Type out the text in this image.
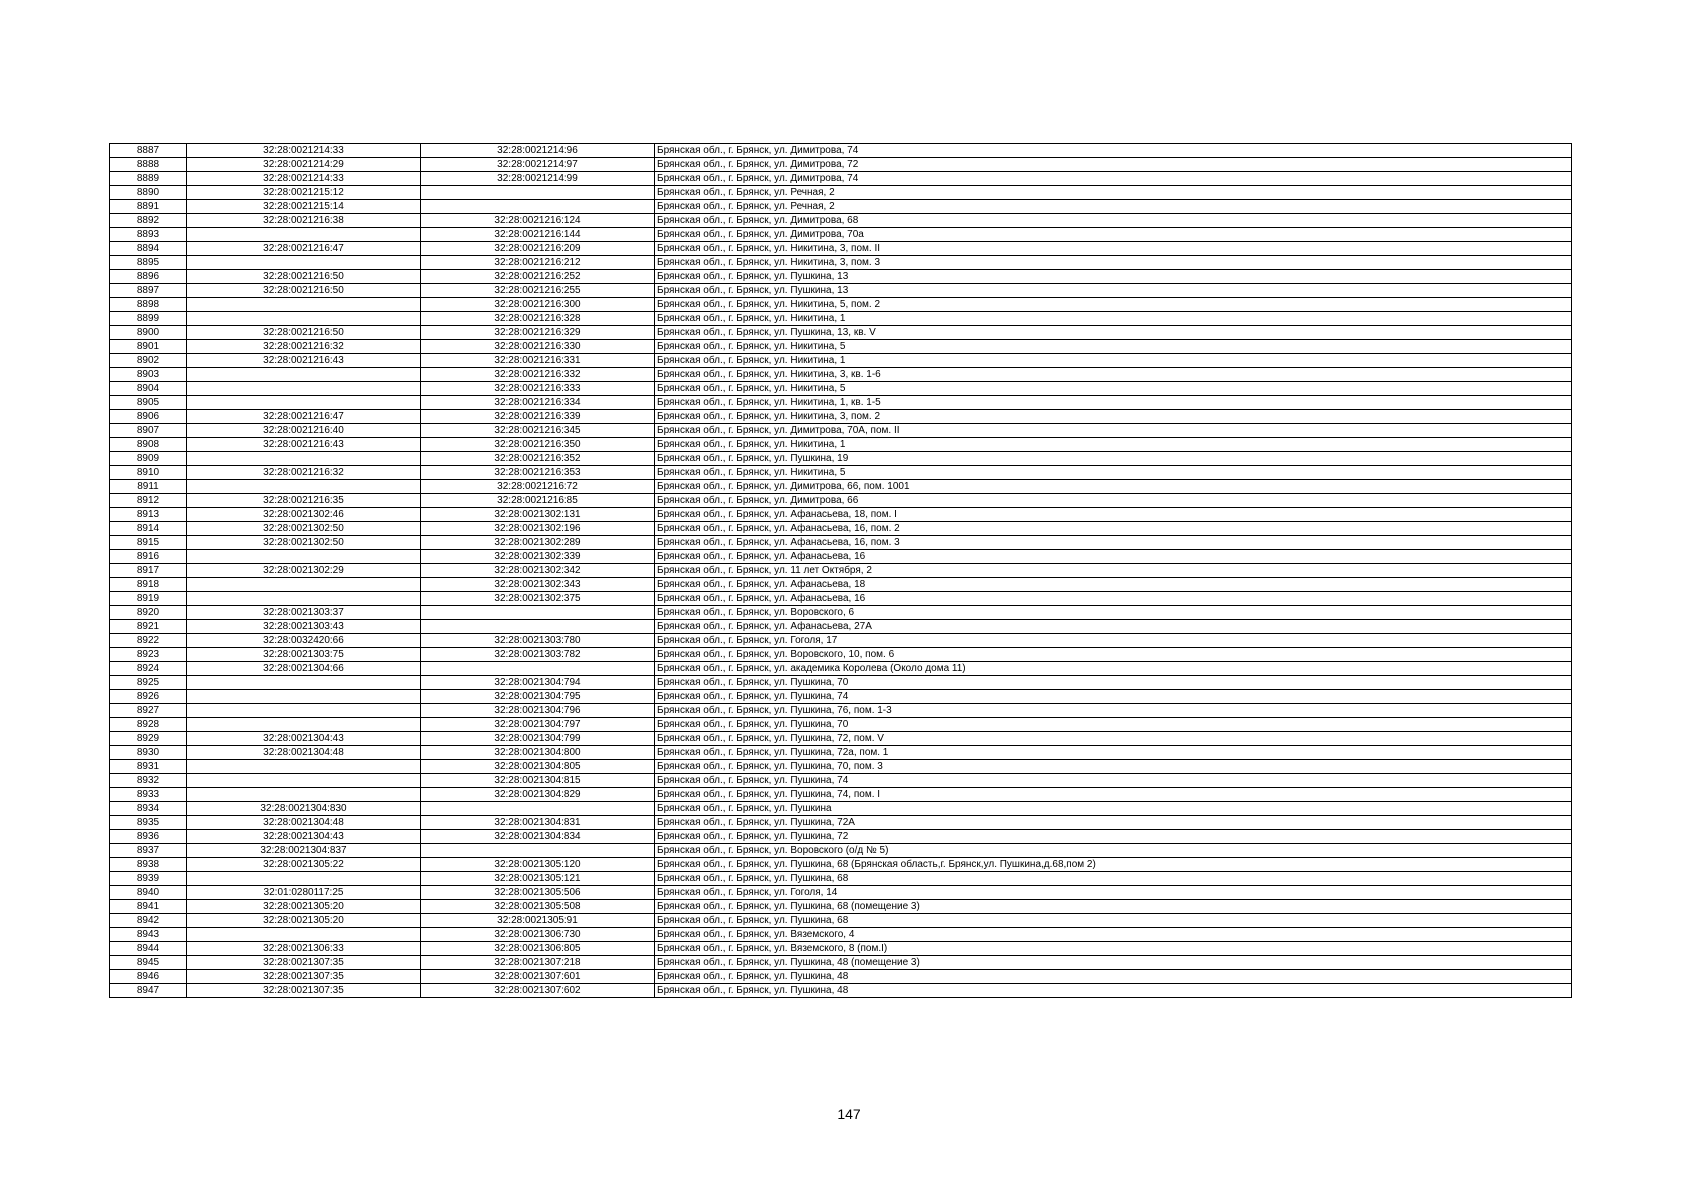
8887	32:28:0021214:33	32:28:0021214:96	Брянская обл., г. Брянск, ул. Димитрова, 74
8888	32:28:0021214:29	32:28:0021214:97	Брянская обл., г. Брянск, ул. Димитрова, 72
8889	32:28:0021214:33	32:28:0021214:99	Брянская обл., г. Брянск, ул. Димитрова, 74
8890	32:28:0021215:12		Брянская обл., г. Брянск, ул. Речная, 2
8891	32:28:0021215:14		Брянская обл., г. Брянск, ул. Речная, 2
8892	32:28:0021216:38	32:28:0021216:124	Брянская обл., г. Брянск, ул. Димитрова, 68
8893		32:28:0021216:144	Брянская обл., г. Брянск, ул. Димитрова, 70а
8894	32:28:0021216:47	32:28:0021216:209	Брянская обл., г. Брянск, ул. Никитина, 3, пом. II
8895		32:28:0021216:212	Брянская обл., г. Брянск, ул. Никитина, 3, пом. 3
8896	32:28:0021216:50	32:28:0021216:252	Брянская обл., г. Брянск, ул. Пушкина, 13
8897	32:28:0021216:50	32:28:0021216:255	Брянская обл., г. Брянск, ул. Пушкина, 13
8898		32:28:0021216:300	Брянская обл., г. Брянск, ул. Никитина, 5, пом. 2
8899		32:28:0021216:328	Брянская обл., г. Брянск, ул. Никитина, 1
8900	32:28:0021216:50	32:28:0021216:329	Брянская обл., г. Брянск, ул. Пушкина, 13, кв. V
8901	32:28:0021216:32	32:28:0021216:330	Брянская обл., г. Брянск, ул. Никитина, 5
8902	32:28:0021216:43	32:28:0021216:331	Брянская обл., г. Брянск, ул. Никитина, 1
8903		32:28:0021216:332	Брянская обл., г. Брянск, ул. Никитина, 3, кв. 1-6
8904		32:28:0021216:333	Брянская обл., г. Брянск, ул. Никитина, 5
8905		32:28:0021216:334	Брянская обл., г. Брянск, ул. Никитина, 1, кв. 1-5
8906	32:28:0021216:47	32:28:0021216:339	Брянская обл., г. Брянск, ул. Никитина, 3, пом. 2
8907	32:28:0021216:40	32:28:0021216:345	Брянская обл., г. Брянск, ул. Димитрова, 70А, пом. II
8908	32:28:0021216:43	32:28:0021216:350	Брянская обл., г. Брянск, ул. Никитина, 1
8909		32:28:0021216:352	Брянская обл., г. Брянск, ул. Пушкина, 19
8910	32:28:0021216:32	32:28:0021216:353	Брянская обл., г. Брянск, ул. Никитина, 5
8911		32:28:0021216:72	Брянская обл., г. Брянск, ул. Димитрова, 66, пом. 1001
8912	32:28:0021216:35	32:28:0021216:85	Брянская обл., г. Брянск, ул. Димитрова, 66
8913	32:28:0021302:46	32:28:0021302:131	Брянская обл., г. Брянск, ул. Афанасьева, 18, пом. I
8914	32:28:0021302:50	32:28:0021302:196	Брянская обл., г. Брянск, ул. Афанасьева, 16, пом. 2
8915	32:28:0021302:50	32:28:0021302:289	Брянская обл., г. Брянск, ул. Афанасьева, 16, пом. 3
8916		32:28:0021302:339	Брянская обл., г. Брянск, ул. Афанасьева, 16
8917	32:28:0021302:29	32:28:0021302:342	Брянская обл., г. Брянск, ул. 11 лет Октября, 2
8918		32:28:0021302:343	Брянская обл., г. Брянск, ул. Афанасьева, 18
8919		32:28:0021302:375	Брянская обл., г. Брянск, ул. Афанасьева, 16
8920	32:28:0021303:37		Брянская обл., г. Брянск, ул. Воровского, 6
8921	32:28:0021303:43		Брянская обл., г. Брянск, ул. Афанасьева, 27А
8922	32:28:0032420:66	32:28:0021303:780	Брянская обл., г. Брянск, ул. Гоголя, 17
8923	32:28:0021303:75	32:28:0021303:782	Брянская обл., г. Брянск, ул. Воровского, 10, пом. 6
8924	32:28:0021304:66		Брянская обл., г. Брянск, ул. академика Королева (Около дома 11)
8925		32:28:0021304:794	Брянская обл., г. Брянск, ул. Пушкина, 70
8926		32:28:0021304:795	Брянская обл., г. Брянск, ул. Пушкина, 74
8927		32:28:0021304:796	Брянская обл., г. Брянск, ул. Пушкина, 76, пом. 1-3
8928		32:28:0021304:797	Брянская обл., г. Брянск, ул. Пушкина, 70
8929	32:28:0021304:43	32:28:0021304:799	Брянская обл., г. Брянск, ул. Пушкина, 72, пом. V
8930	32:28:0021304:48	32:28:0021304:800	Брянская обл., г. Брянск, ул. Пушкина, 72а, пом. 1
8931		32:28:0021304:805	Брянская обл., г. Брянск, ул. Пушкина, 70, пом. 3
8932		32:28:0021304:815	Брянская обл., г. Брянск, ул. Пушкина, 74
8933		32:28:0021304:829	Брянская обл., г. Брянск, ул. Пушкина, 74, пом. I
8934	32:28:0021304:830		Брянская обл., г. Брянск, ул. Пушкина
8935	32:28:0021304:48	32:28:0021304:831	Брянская обл., г. Брянск, ул. Пушкина, 72А
8936	32:28:0021304:43	32:28:0021304:834	Брянская обл., г. Брянск, ул. Пушкина, 72
8937	32:28:0021304:837		Брянская обл., г. Брянск, ул. Воровского (о/д № 5)
8938	32:28:0021305:22	32:28:0021305:120	Брянская обл., г. Брянск, ул. Пушкина, 68 (Брянская область,г. Брянск,ул. Пушкина,д.68,пом 2)
8939		32:28:0021305:121	Брянская обл., г. Брянск, ул. Пушкина, 68
8940	32:01:0280117:25	32:28:0021305:506	Брянская обл., г. Брянск, ул. Гоголя, 14
8941	32:28:0021305:20	32:28:0021305:508	Брянская обл., г. Брянск, ул. Пушкина, 68 (помещение 3)
8942	32:28:0021305:20	32:28:0021305:91	Брянская обл., г. Брянск, ул. Пушкина, 68
8943		32:28:0021306:730	Брянская обл., г. Брянск, ул. Вяземского, 4
8944	32:28:0021306:33	32:28:0021306:805	Брянская обл., г. Брянск, ул. Вяземского, 8 (пом.I)
8945	32:28:0021307:35	32:28:0021307:218	Брянская обл., г. Брянск, ул. Пушкина, 48 (помещение 3)
8946	32:28:0021307:35	32:28:0021307:601	Брянская обл., г. Брянск, ул. Пушкина, 48
8947	32:28:0021307:35	32:28:0021307:602	Брянская обл., г. Брянск, ул. Пушкина, 48
147
